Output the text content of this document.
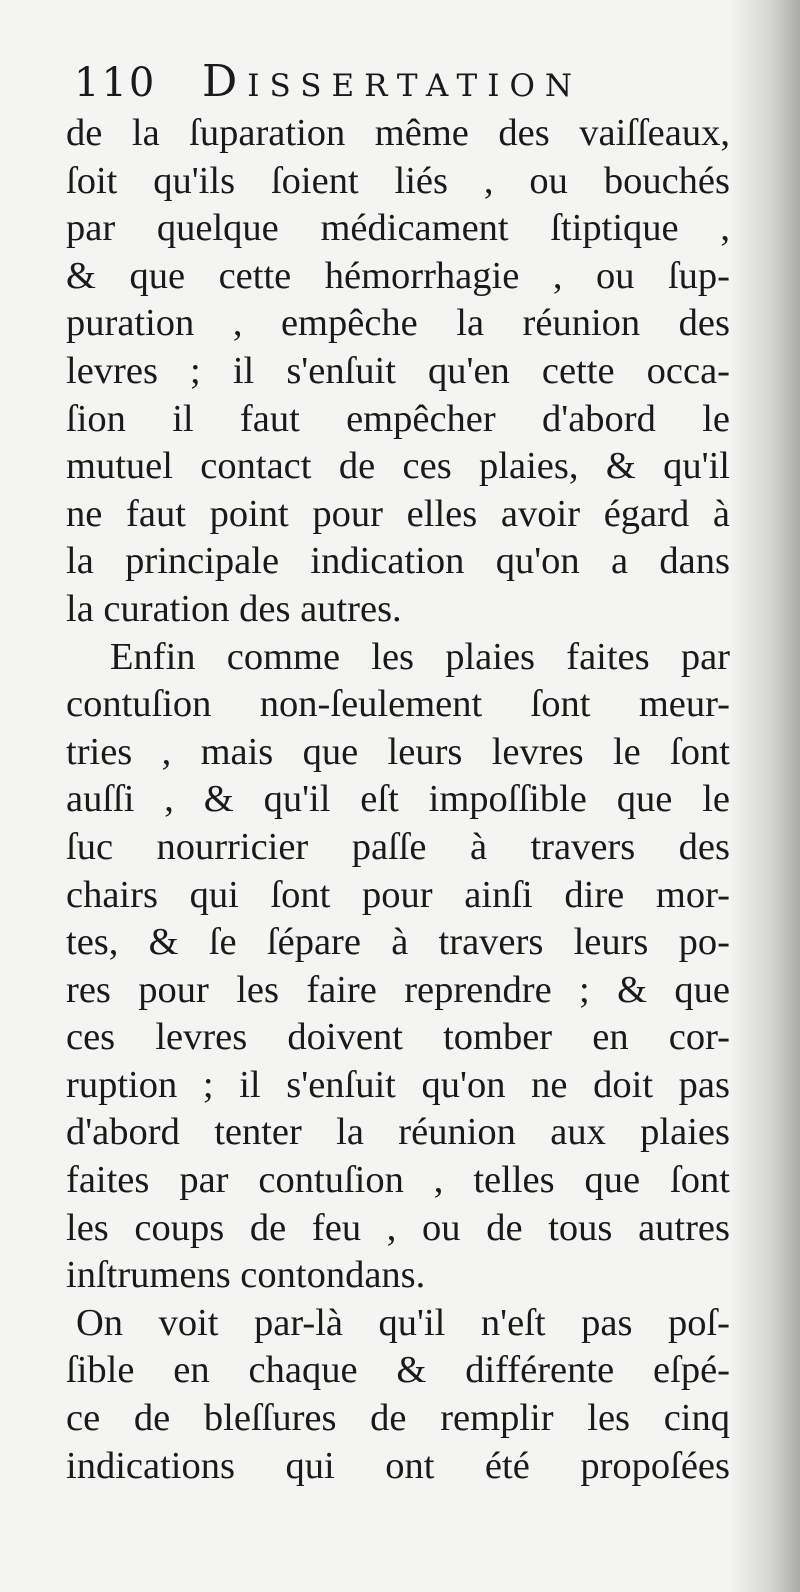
110 Dissertation
de la ſuparation même des vaiſſeaux,
ſoit qu'ils ſoient liés , ou bouchés
par quelque médicament ſtiptique ,
& que cette hémorrhagie , ou ſup-
puration , empêche la réunion des
levres ; il s'enſuit qu'en cette occa-
ſion il faut empêcher d'abord le
mutuel contact de ces plaies, & qu'il
ne faut point pour elles avoir égard à
la principale indication qu'on a dans
la curation des autres.
Enfin comme les plaies faites par
contuſion non-ſeulement ſont meur-
tries , mais que leurs levres le ſont
auſſi , & qu'il eſt impoſſible que le
ſuc nourricier paſſe à travers des
chairs qui ſont pour ainſi dire mor-
tes, & ſe ſépare à travers leurs po-
res pour les faire reprendre ; & que
ces levres doivent tomber en cor-
ruption ; il s'enſuit qu'on ne doit pas
d'abord tenter la réunion aux plaies
faites par contuſion , telles que ſont
les coups de feu , ou de tous autres
inſtrumens contondans.
On voit par-là qu'il n'eſt pas poſ-
ſible en chaque & différente eſpé-
ce de bleſſures de remplir les cinq
indications qui ont été propoſées
